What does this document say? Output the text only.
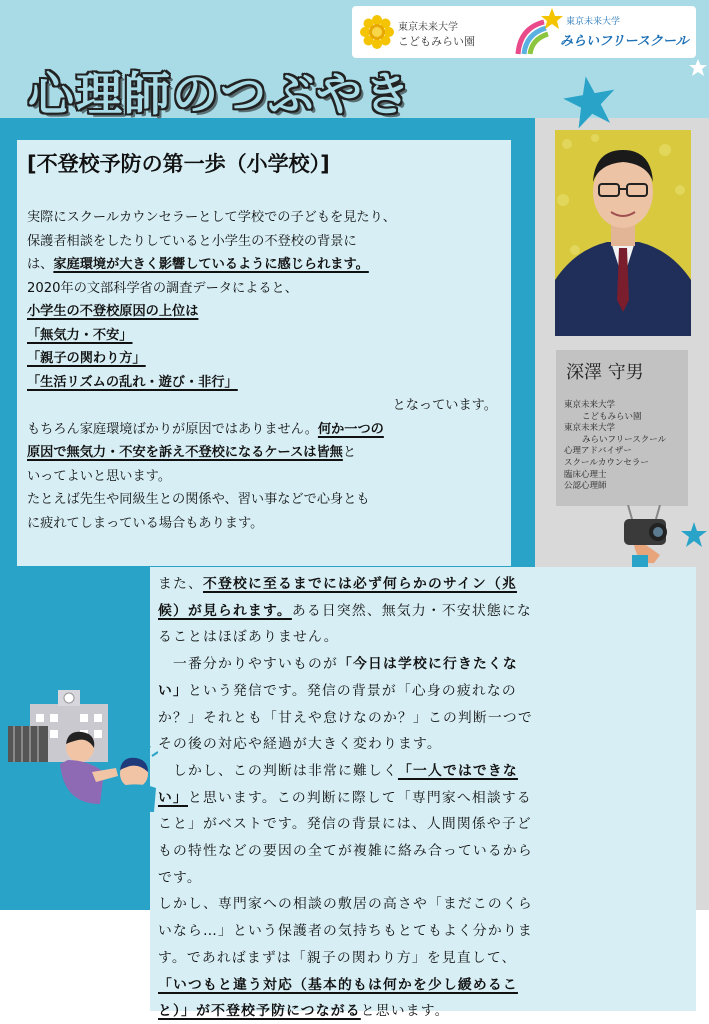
東京未来大学
こどもみらい園
東京未来大学
みらいフリースクール
心理師のつぶやき
[不登校予防の第一歩（小学校）]

実際にスクールカウンセラーとして学校での子どもを見たり、

保護者相談をしたりしていると小学生の不登校の背景に

は、家庭環境が大きく影響しているように感じられます。

2020年の文部科学省の調査データによると、

小学生の不登校原因の上位は

「無気力・不安」

「親子の関わり方」

「生活リズムの乱れ・遊び・非行」

となっています。

もちろん家庭環境ばかりが原因ではありません。何か一つの

原因で無気力・不安を訴え不登校になるケースは皆無と

いってよいと思います。

たとえば先生や同級生との関係や、習い事などで心身とも

に疲れてしまっている場合もあります。

深澤 守男
東京未来大学
こどもみらい園
東京未来大学
みらいフリースクール
心理アドバイザー
スクールカウンセラー
臨床心理士
公認心理師

また、不登校に至るまでには必ず何らかのサイン（兆

候）が見られます。ある日突然、無気力・不安状態にな

ることはほぼありません。

　一番分かりやすいものが「今日は学校に行きたくな

い」という発信です。発信の背景が「心身の疲れなの

か？」それとも「甘えや怠けなのか？」この判断一つで

その後の対応や経過が大きく変わります。

　しかし、この判断は非常に難しく「一人ではできな

い」と思います。この判断に際して「専門家へ相談する

こと」がベストです。発信の背景には、人間関係や子ど

もの特性などの要因の全てが複雑に絡み合っているから

です。

しかし、専門家への相談の敷居の高さや「まだこのくら

いなら…」という保護者の気持ちもとてもよく分かりま

す。であればまずは「親子の関わり方」を見直して、

「いつもと違う対応（基本的もは何かを少し緩めるこ

と）」が不登校予防につながると思います。
